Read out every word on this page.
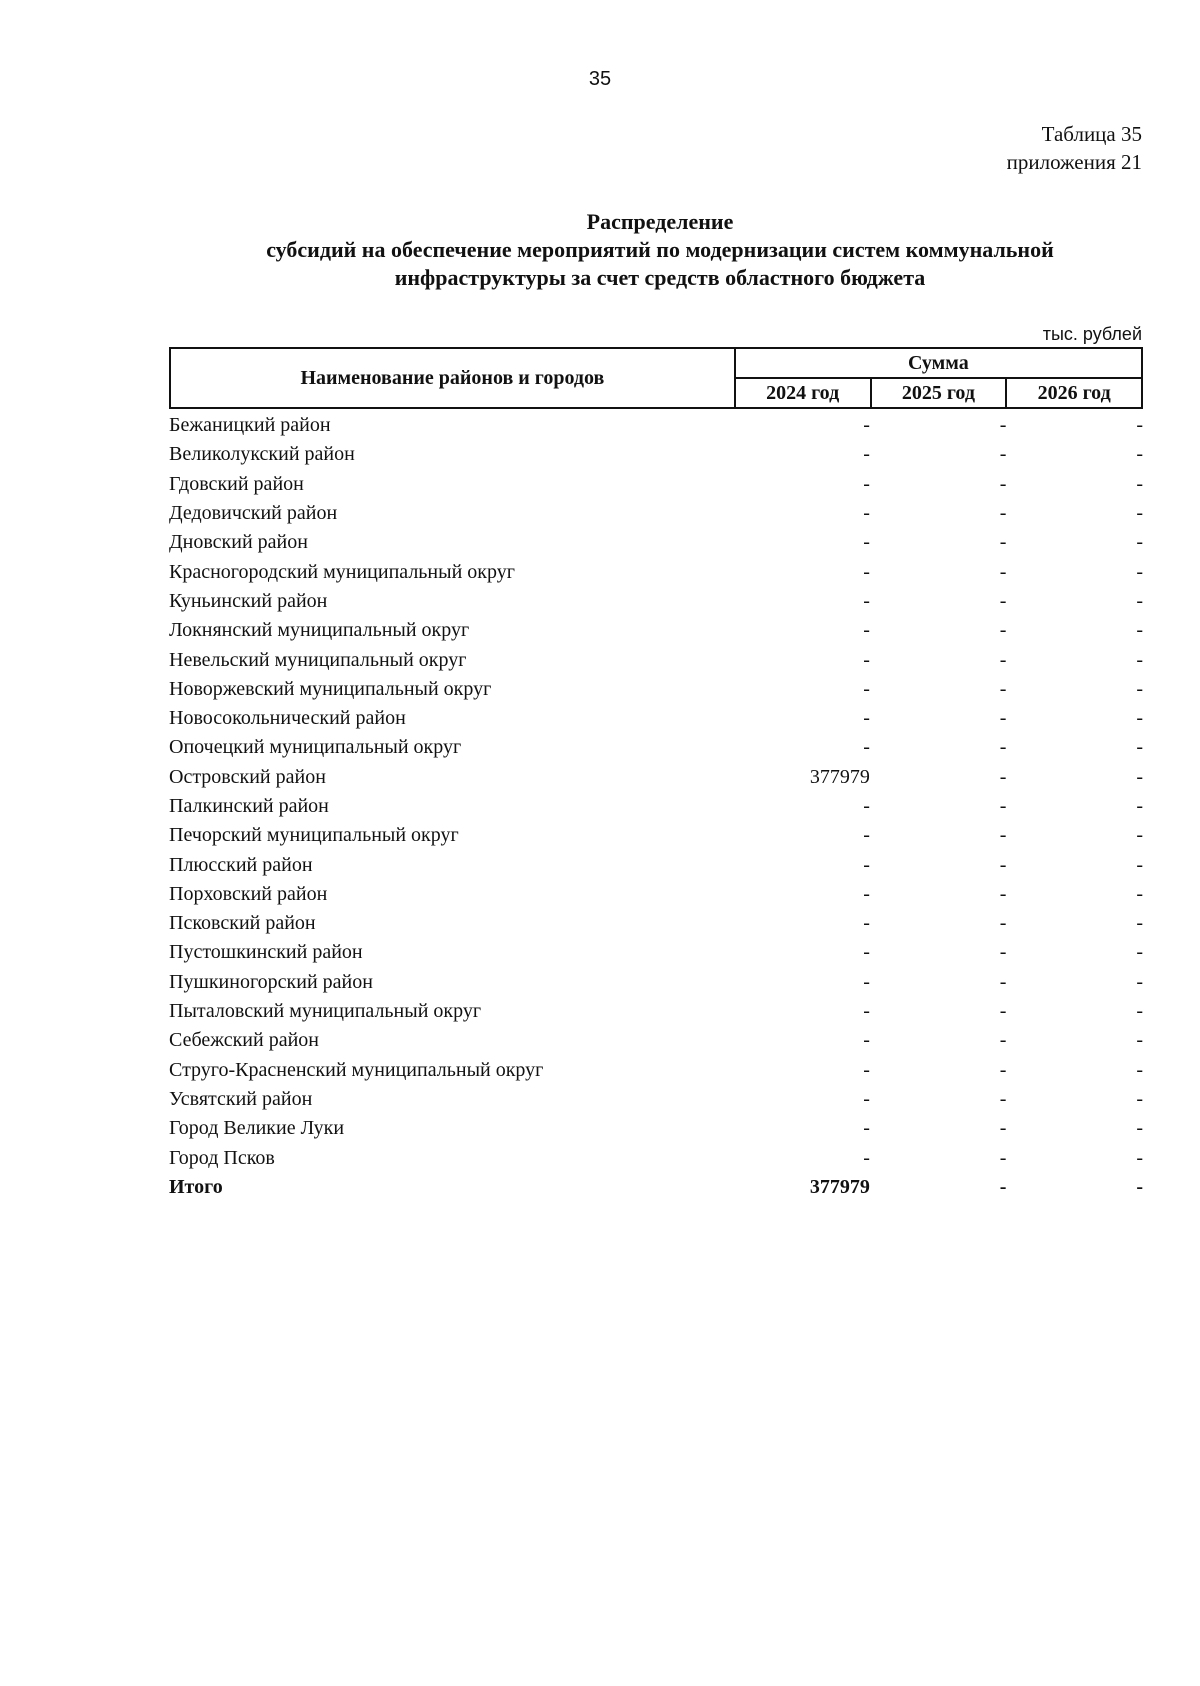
35
Таблица 35
приложения 21
Распределение
субсидий на обеспечение мероприятий по модернизации систем коммунальной
инфраструктуры за счет средств областного бюджета
тыс. рублей
Наименование районов и городов	Сумма		
	2024 год	2025 год	2026 год
Бежаницкий район	-	-	-
Великолукский район	-	-	-
Гдовский район	-	-	-
Дедовичский район	-	-	-
Дновский район	-	-	-
Красногородский муниципальный округ	-	-	-
Куньинский район	-	-	-
Локнянский муниципальный округ	-	-	-
Невельский муниципальный округ	-	-	-
Новоржевский муниципальный округ	-	-	-
Новосокольнический район	-	-	-
Опочецкий муниципальный округ	-	-	-
Островский район	377979	-	-
Палкинский район	-	-	-
Печорский муниципальный округ	-	-	-
Плюсский район	-	-	-
Порховский район	-	-	-
Псковский район	-	-	-
Пустошкинский район	-	-	-
Пушкиногорский район	-	-	-
Пыталовский муниципальный округ	-	-	-
Себежский район	-	-	-
Струго-Красненский муниципальный округ	-	-	-
Усвятский район	-	-	-
Город Великие Луки	-	-	-
Город Псков	-	-	-
Итого	377979	-	-
